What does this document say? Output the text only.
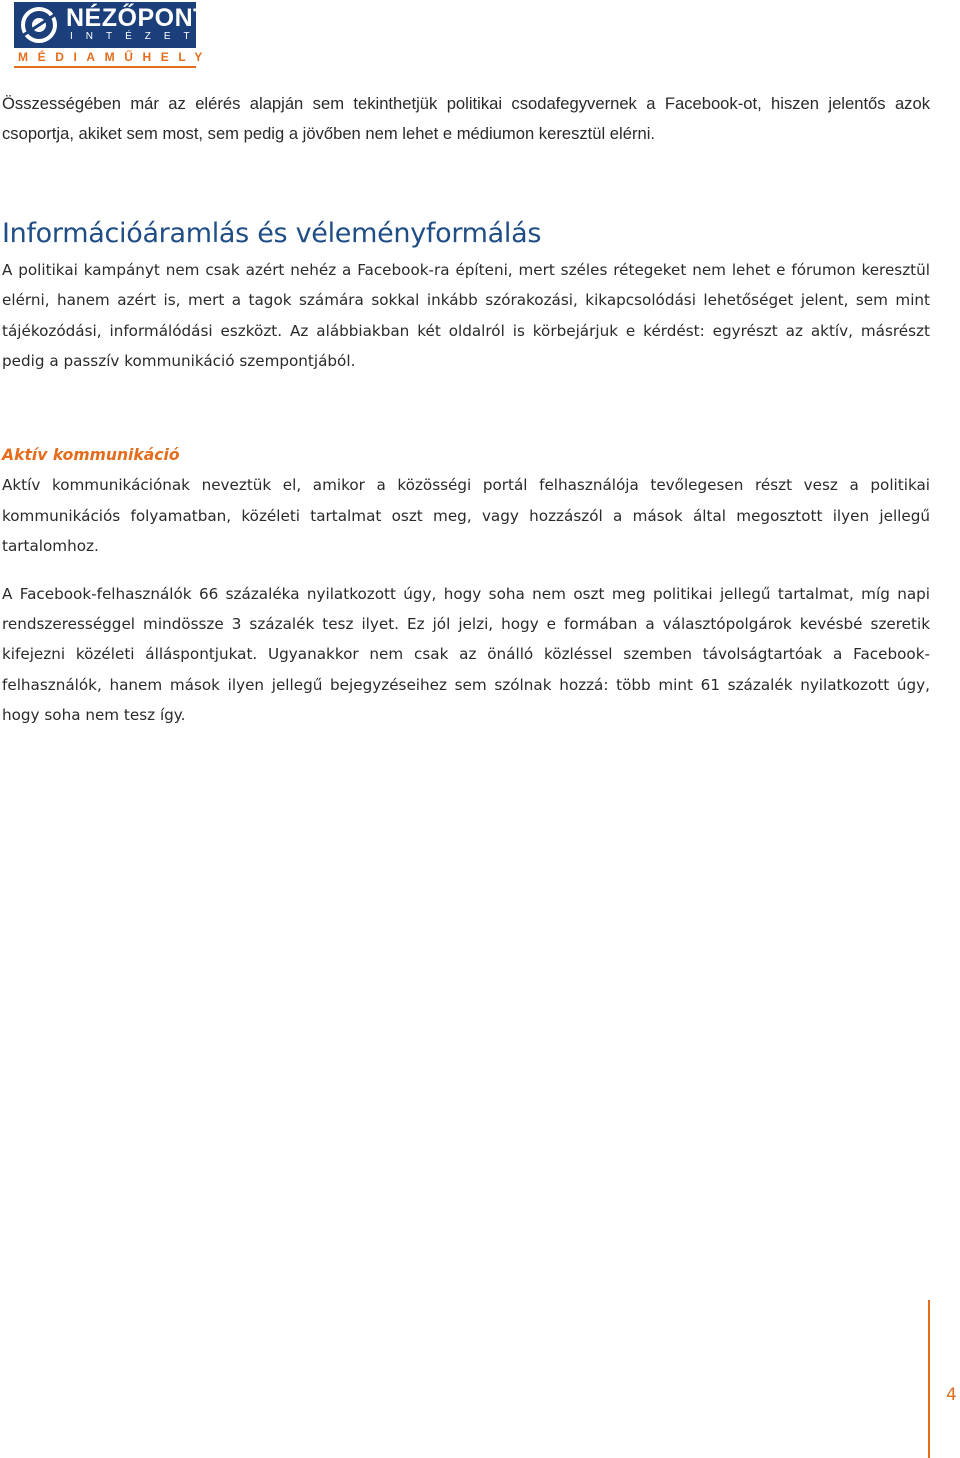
NÉZŐPONT
INTÉZET
MÉDIAMŰHELY

Összességében már az elérés alapján sem tekinthetjük politikai csodafegyvernek a Facebook-ot, hiszen jelentős azok csoportja, akiket sem most, sem pedig a jövőben nem lehet e médiumon keresztül elérni.

Információáramlás és véleményformálás

A politikai kampányt nem csak azért nehéz a Facebook-ra építeni, mert széles rétegeket nem lehet e fórumon keresztül elérni, hanem azért is, mert a tagok számára sokkal inkább szórakozási, kikapcsolódási lehetőséget jelent, sem mint tájékozódási, informálódási eszközt. Az alábbiakban két oldalról is körbejárjuk e kérdést: egyrészt az aktív, másrészt pedig a passzív kommunikáció szempontjából.

Aktív kommunikáció

Aktív kommunikációnak neveztük el, amikor a közösségi portál felhasználója tevőlegesen részt vesz a politikai kommunikációs folyamatban, közéleti tartalmat oszt meg, vagy hozzászól a mások által megosztott ilyen jellegű tartalomhoz.

A Facebook-felhasználók 66 százaléka nyilatkozott úgy, hogy soha nem oszt meg politikai jellegű tartalmat, míg napi rendszerességgel mindössze 3 százalék tesz ilyet. Ez jól jelzi, hogy e formában a választópolgárok kevésbé szeretik kifejezni közéleti álláspontjukat. Ugyanakkor nem csak az önálló közléssel szemben távolságtartóak a Facebook-felhasználók, hanem mások ilyen jellegű bejegyzéseihez sem szólnak hozzá: több mint 61 százalék nyilatkozott úgy, hogy soha nem tesz így.

4
